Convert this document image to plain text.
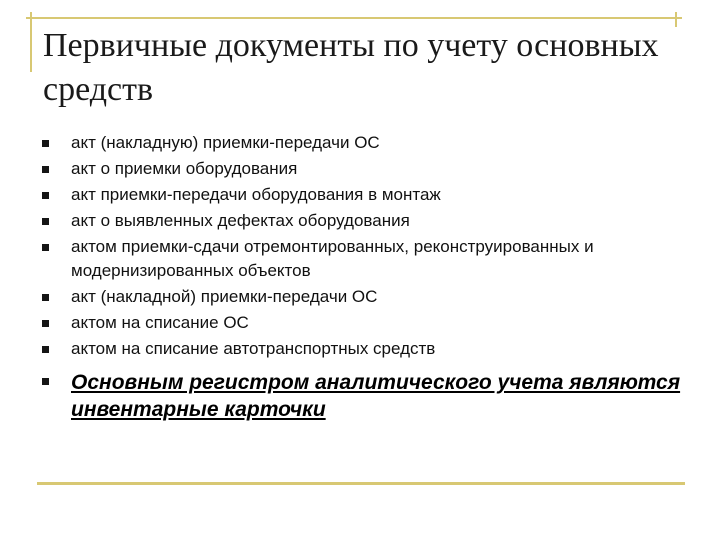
Первичные документы по учету основных средств
акт (накладную) приемки-передачи ОС
акт о приемки оборудования
акт приемки-передачи оборудования в монтаж
акт о выявленных дефектах оборудования
актом приемки-сдачи отремонтированных, реконструированных и модернизированных объектов
акт (накладной) приемки-передачи ОС
актом на списание ОС
актом на списание автотранспортных средств
Основным регистром аналитического учета являются инвентарные карточки
